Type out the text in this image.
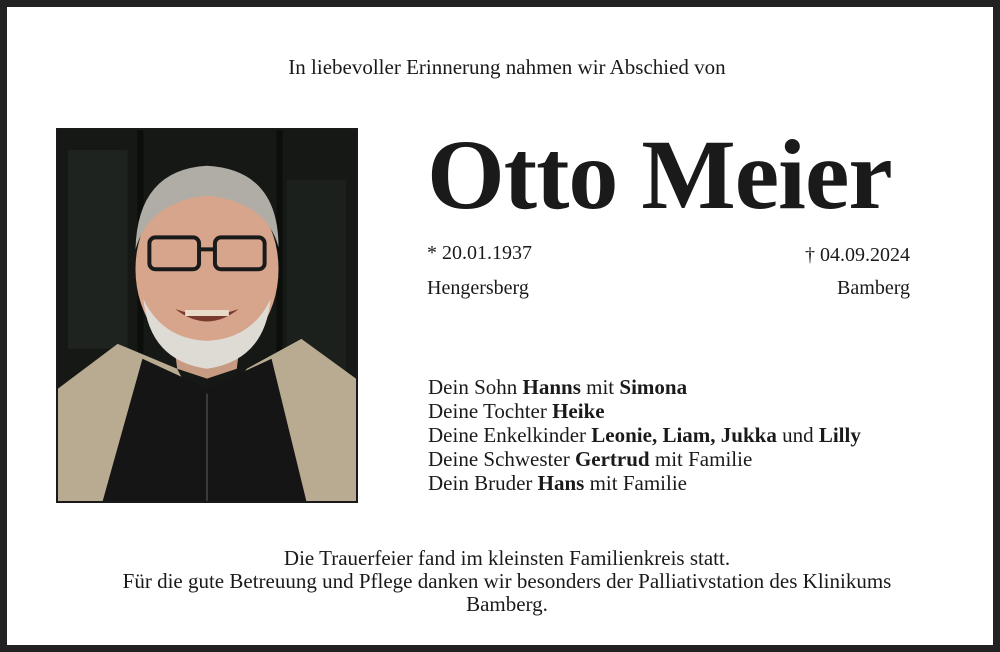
In liebevoller Erinnerung nahmen wir Abschied von
Otto Meier
* 20.01.1937
Hengersberg
† 04.09.2024
Bamberg
Dein Sohn Hanns mit Simona
Deine Tochter Heike
Deine Enkelkinder Leonie, Liam, Jukka und Lilly
Deine Schwester Gertrud mit Familie
Dein Bruder Hans mit Familie
Die Trauerfeier fand im kleinsten Familienkreis statt.
Für die gute Betreuung und Pflege danken wir besonders der Palliativstation des Klinikums
Bamberg.
